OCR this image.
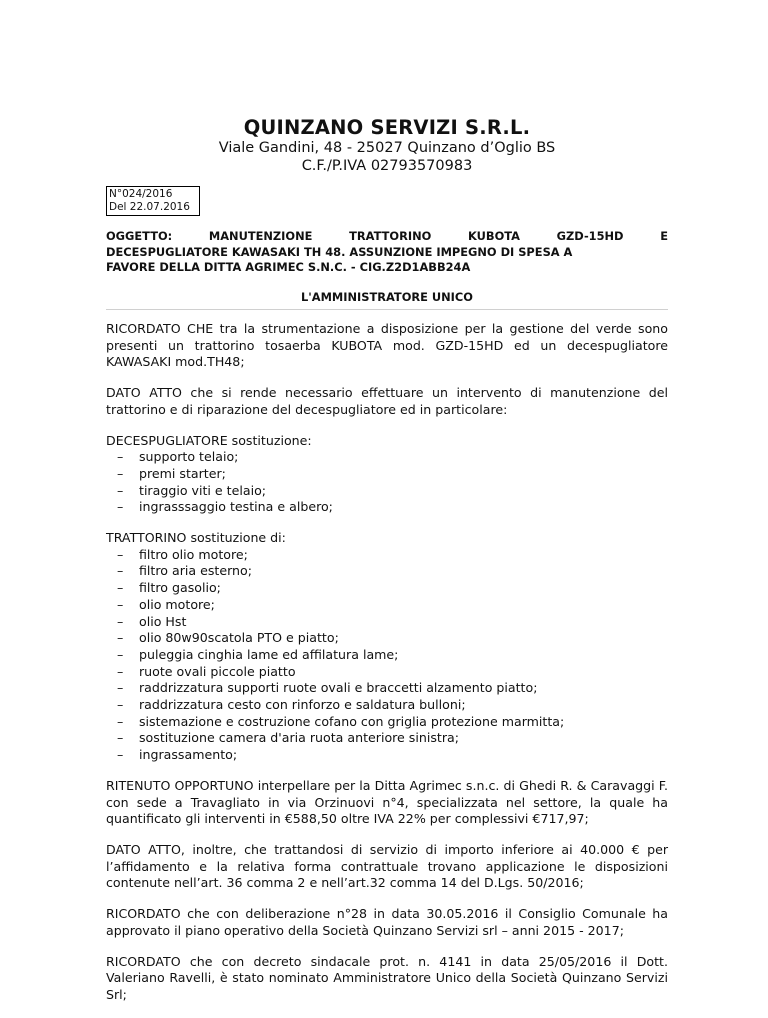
QUINZANO SERVIZI S.R.L.
Viale Gandini, 48 - 25027 Quinzano d’Oglio BS
C.F./P.IVA 02793570983
N°024/2016
Del 22.07.2016
OGGETTO:	MANUTENZIONE	TRATTORINO	KUBOTA	GZD-15HD	E
DECESPUGLIATORE KAWASAKI TH 48. ASSUNZIONE IMPEGNO DI SPESA A
FAVORE DELLA DITTA AGRIMEC S.N.C. - CIG.Z2D1ABB24A
L'AMMINISTRATORE UNICO

RICORDATO CHE tra la strumentazione a disposizione per la gestione del verde sono presenti un trattorino tosaerba KUBOTA mod. GZD-15HD ed un decespugliatore KAWASAKI mod.TH48;

DATO ATTO che si rende necessario effettuare un intervento di manutenzione del trattorino e di riparazione del decespugliatore ed in particolare:

DECESPUGLIATORE sostituzione:

– supporto telaio;
– premi starter;
– tiraggio viti e telaio;
– ingrasssaggio testina e albero;

TRATTORINO sostituzione di:

– filtro olio motore;
– filtro aria esterno;
– filtro gasolio;
– olio motore;
– olio Hst
– olio 80w90scatola PTO e piatto;
– puleggia cinghia lame ed affilatura lame;
– ruote ovali piccole piatto
– raddrizzatura supporti ruote ovali e braccetti alzamento piatto;
– raddrizzatura cesto con rinforzo e saldatura bulloni;
– sistemazione e costruzione cofano con griglia protezione marmitta;
– sostituzione camera d'aria ruota anteriore sinistra;
– ingrassamento;

RITENUTO OPPORTUNO interpellare per la Ditta Agrimec s.n.c. di Ghedi R. & Caravaggi F. con sede a Travagliato in via Orzinuovi n°4, specializzata nel settore, la quale ha quantificato gli interventi in €588,50 oltre IVA 22% per complessivi €717,97;

DATO ATTO, inoltre, che trattandosi di servizio di importo inferiore ai 40.000 € per l’affidamento e la relativa forma contrattuale trovano applicazione le disposizioni contenute nell’art. 36 comma 2 e nell’art.32 comma 14 del D.Lgs. 50/2016;

RICORDATO che con deliberazione n°28 in data 30.05.2016 il Consiglio Comunale ha approvato il piano operativo della Società Quinzano Servizi srl – anni 2015 - 2017;

RICORDATO che con decreto sindacale prot. n. 4141 in data 25/05/2016 il Dott. Valeriano Ravelli, è stato nominato Amministratore Unico della Società Quinzano Servizi Srl;
